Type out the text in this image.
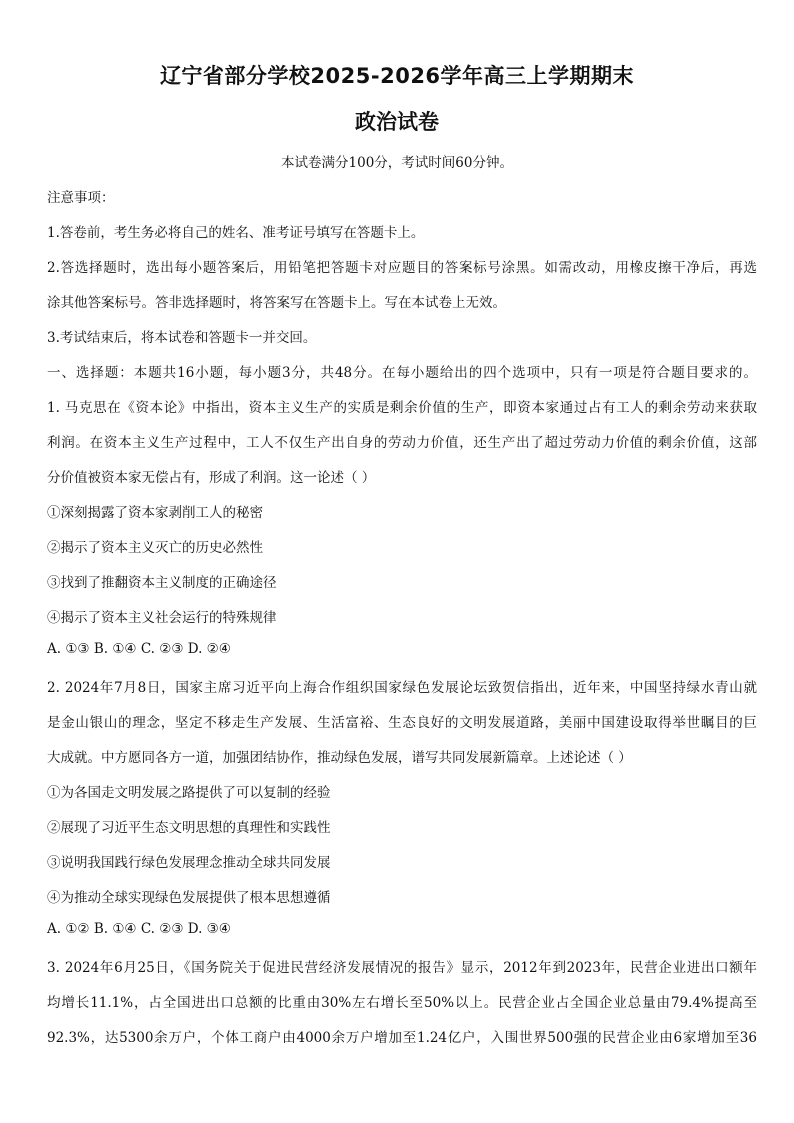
辽宁省部分学校2025-2026学年高三上学期期末
政治试卷
本试卷满分100分，考试时间60分钟。
注意事项：
1.答卷前，考生务必将自己的姓名、准考证号填写在答题卡上。
2.答选择题时，选出每小题答案后，用铅笔把答题卡对应题目的答案标号涂黑。如需改动，用橡皮擦干净后，再选
涂其他答案标号。答非选择题时，将答案写在答题卡上。写在本试卷上无效。
3.考试结束后，将本试卷和答题卡一并交回。
一、选择题：本题共16小题，每小题3分，共48分。在每小题给出的四个选项中，只有一项是符合题目要求的。
1. 马克思在《资本论》中指出，资本主义生产的实质是剩余价值的生产，即资本家通过占有工人的剩余劳动来获取
利润。在资本主义生产过程中，工人不仅生产出自身的劳动力价值，还生产出了超过劳动力价值的剩余价值，这部
分价值被资本家无偿占有，形成了利润。这一论述（ ）
①深刻揭露了资本家剥削工人的秘密
②揭示了资本主义灭亡的历史必然性
③找到了推翻资本主义制度的正确途径
④揭示了资本主义社会运行的特殊规律
A. ①③ B. ①④ C. ②③ D. ②④
2. 2024年7月8日，国家主席习近平向上海合作组织国家绿色发展论坛致贺信指出，近年来，中国坚持绿水青山就
是金山银山的理念，坚定不移走生产发展、生活富裕、生态良好的文明发展道路，美丽中国建设取得举世瞩目的巨
大成就。中方愿同各方一道，加强团结协作，推动绿色发展，谱写共同发展新篇章。上述论述（ ）
①为各国走文明发展之路提供了可以复制的经验
②展现了习近平生态文明思想的真理性和实践性
③说明我国践行绿色发展理念推动全球共同发展
④为推动全球实现绿色发展提供了根本思想遵循
A. ①② B. ①④ C. ②③ D. ③④
3. 2024年6月25日，《国务院关于促进民营经济发展情况的报告》显示，2012年到2023年，民营企业进出口额年
均增长11.1%，占全国进出口总额的比重由30%左右增长至50%以上。民营企业占全国企业总量由79.4%提高至
92.3%，达5300余万户，个体工商户由4000余万户增加至1.24亿户，入围世界500强的民营企业由6家增加至36
